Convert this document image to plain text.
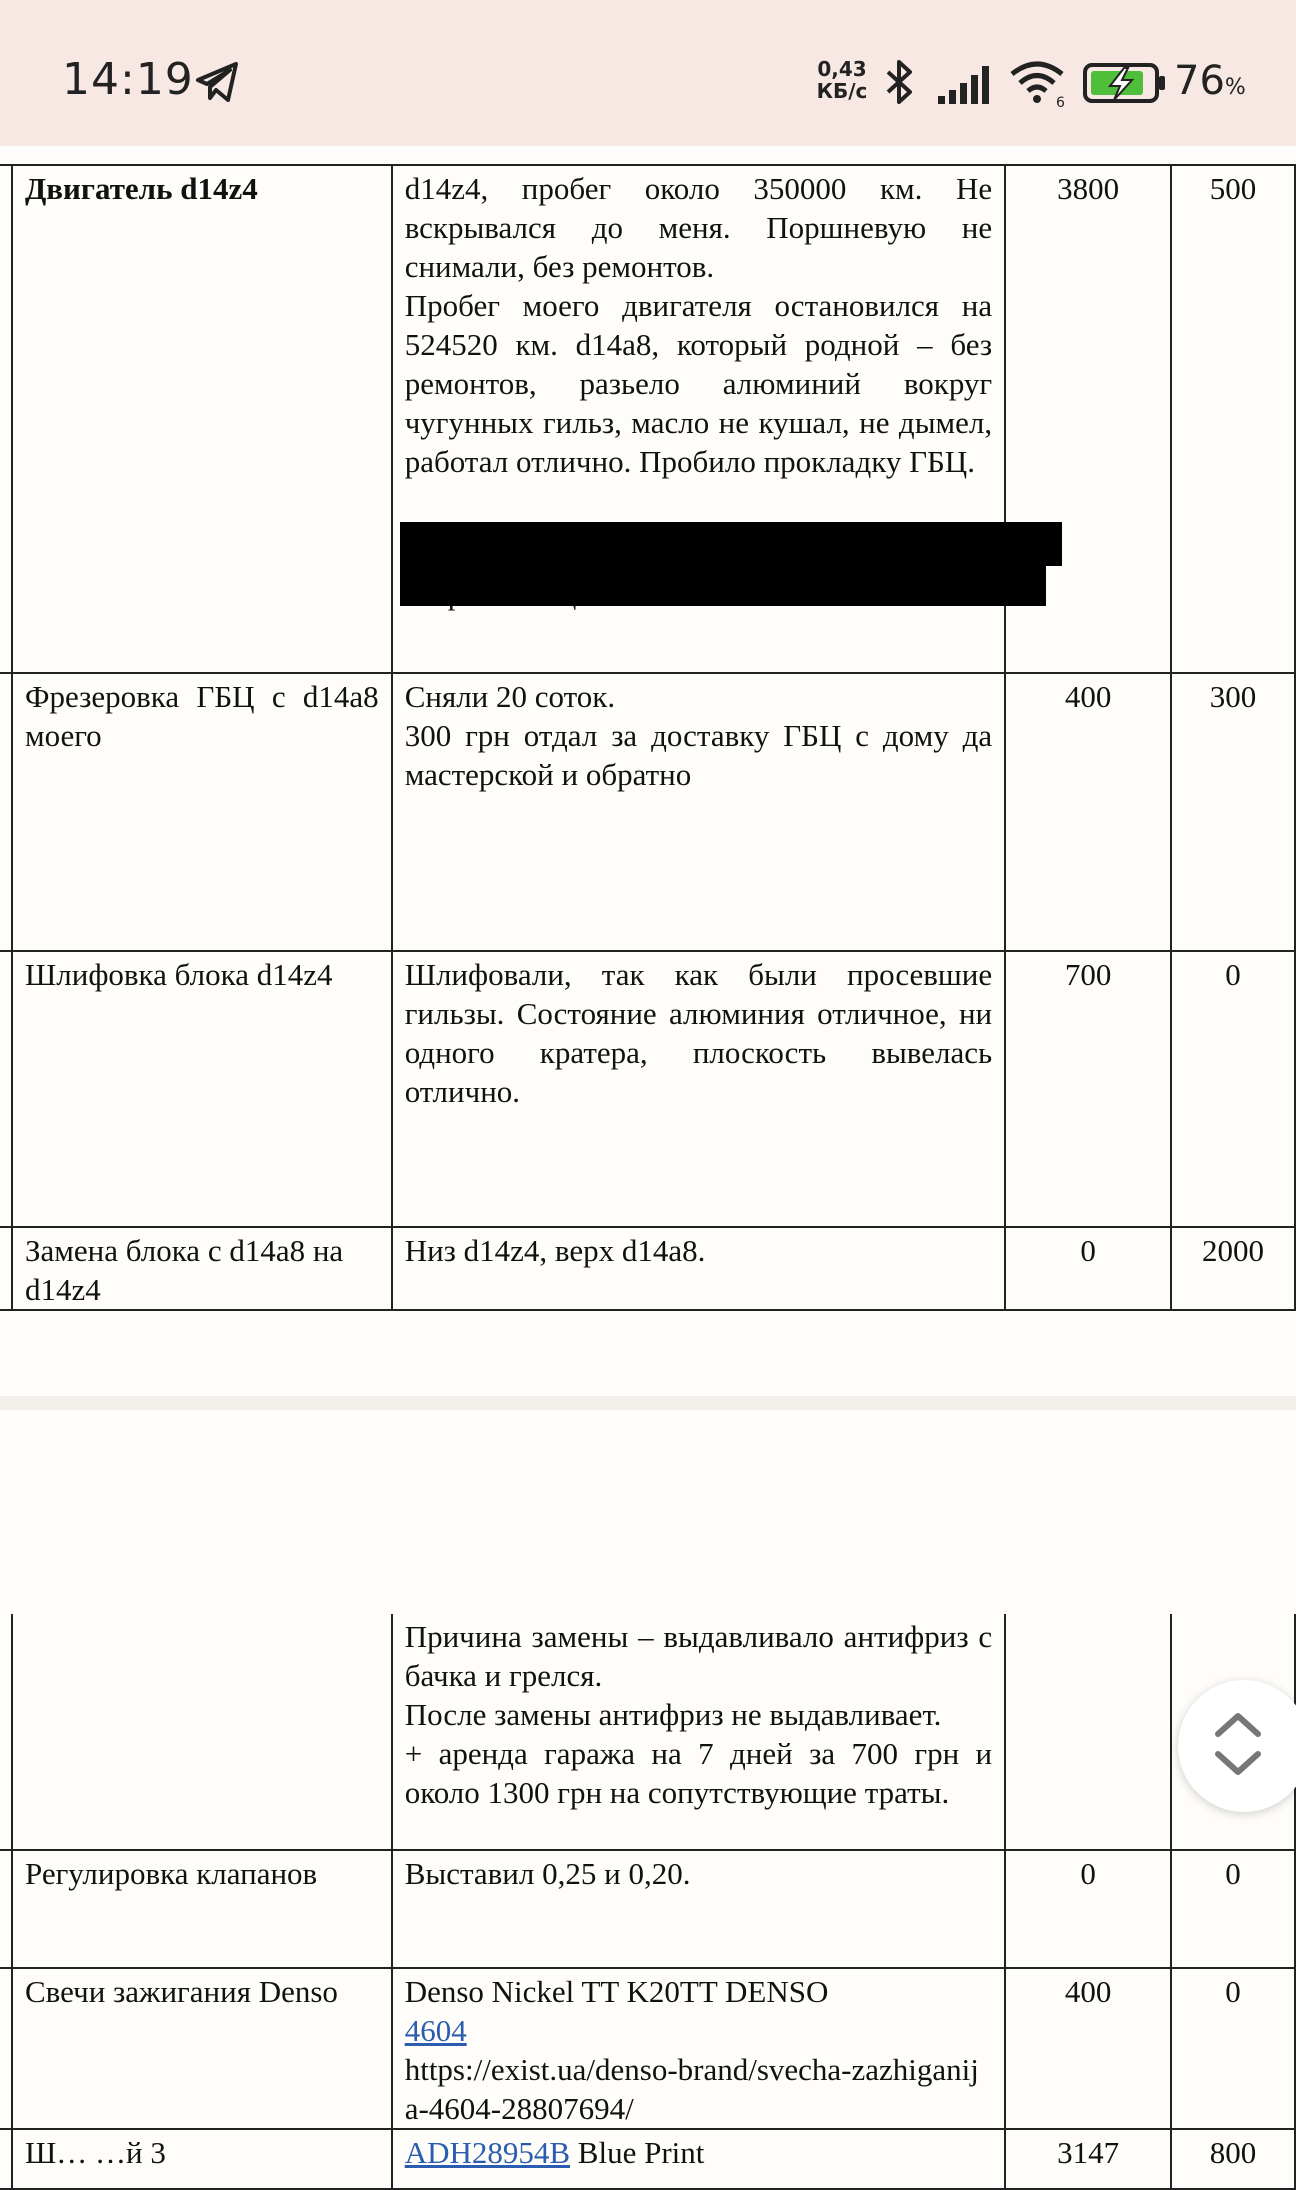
14:19	0,43
КБ/с	6	76%
	Двигатель d14z4	d14z4, пробег около 350000 км. Не вскрывался до меня. Поршневую не снимали, без ремонтов.
Пробег моего двигателя остановился на 524520 км. d14a8, который родной – без ремонтов, разьело алюминий вокруг чугунных гильз, масло не кушал, не дымел, работал отлично. Пробило прокладку ГБЦ.	3800	500
	Фрезеровка ГБЦ с d14a8 моего	Сняли 20 соток.
300 грн отдал за доставку ГБЦ с дому да мастерской и обратно	400	300
	Шлифовка блока d14z4	Шлифовали, так как были просевшие гильзы. Состояние алюминия отличное, ни одного кратера, плоскость вывелась отлично.	700	0
	Замена блока с d14a8 на d14z4	Низ d14z4, верх d14a8.	0	2000

		Причина замены – выдавливало антифриз с бачка и грелся.
После замены антифриз не выдавливает.
+ аренда гаража на 7 дней за 700 грн и около 1300 грн на сопутствующие траты.		

	Регулировка клапанов	Выставил 0,25 и 0,20.	0	0
	Свечи зажигания Denso	Denso Nickel TT K20TT DENSO
4604
https://exist.ua/denso-brand/svecha-zazhiganija-4604-28807694/	400	0
	Ш… …й 3	ADH28954B Blue Print	3147	800
